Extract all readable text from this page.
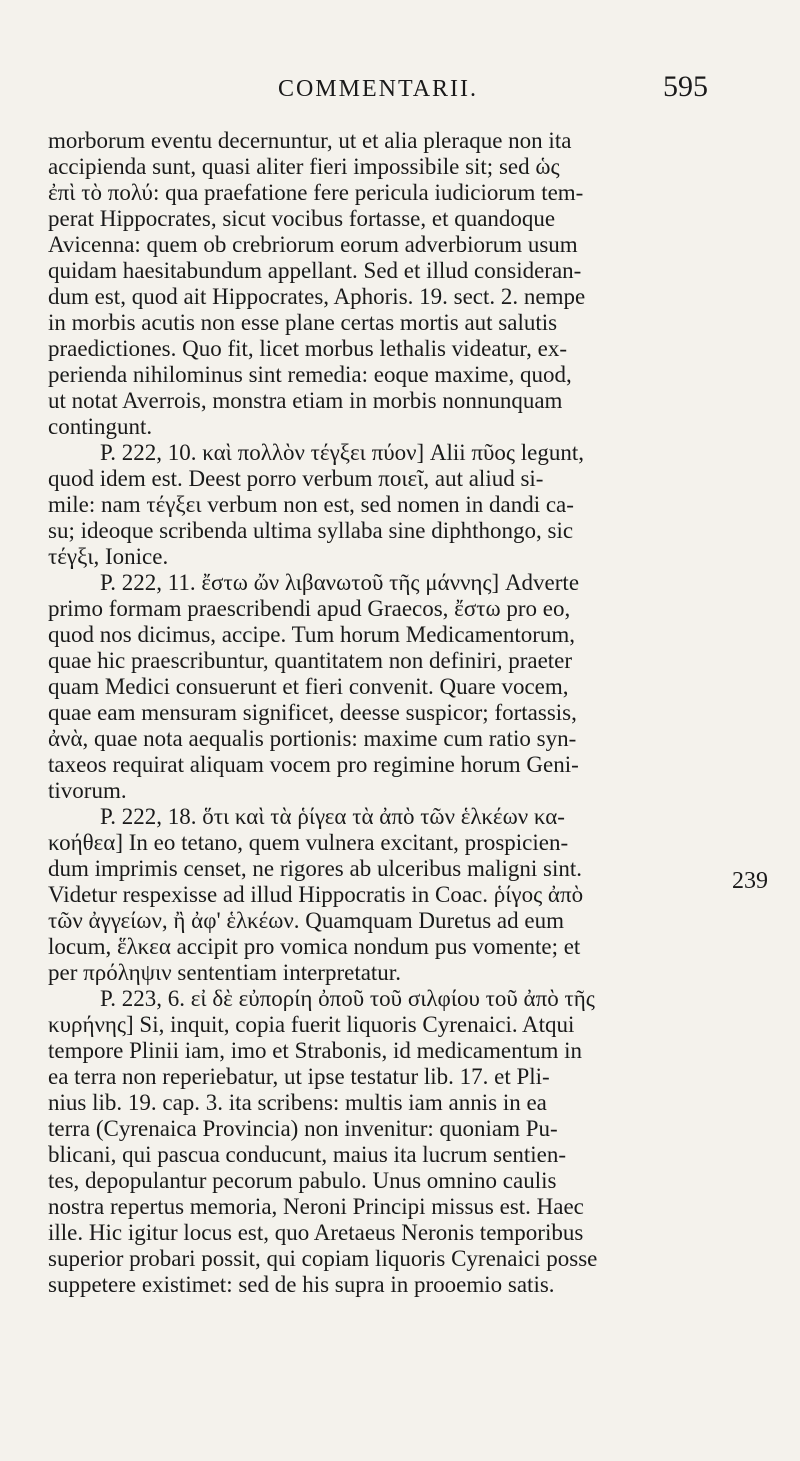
COMMENTARII.	595
morborum eventu decernuntur, ut et alia pleraque non ita
accipienda sunt, quasi aliter fieri impossibile sit; sed ὡς
ἐπὶ τὸ πολύ: qua praefatione fere pericula iudiciorum tem-
perat Hippocrates, sicut vocibus fortasse, et quandoque
Avicenna: quem ob crebriorum eorum adverbiorum usum
quidam haesitabundum appellant. Sed et illud consideran-
dum est, quod ait Hippocrates, Aphoris. 19. sect. 2. nempe
in morbis acutis non esse plane certas mortis aut salutis
praedictiones. Quo fit, licet morbus lethalis videatur, ex-
perienda nihilominus sint remedia: eoque maxime, quod,
ut notat Averrois, monstra etiam in morbis nonnunquam
contingunt.
P. 222, 10. καὶ πολλὸν τέγξει πύον] Alii πῦος legunt,
quod idem est. Deest porro verbum ποιεῖ, aut aliud si-
mile: nam τέγξει verbum non est, sed nomen in dandi ca-
su; ideoque scribenda ultima syllaba sine diphthongo, sic
τέγξι, Ionice.
P. 222, 11. ἔστω ὤν λιβανωτοῦ τῆς μάννης] Adverte
primo formam praescribendi apud Graecos, ἔστω pro eo,
quod nos dicimus, accipe. Tum horum Medicamentorum,
quae hic praescribuntur, quantitatem non definiri, praeter
quam Medici consuerunt et fieri convenit. Quare vocem,
quae eam mensuram significet, deesse suspicor; fortassis,
ἀνὰ, quae nota aequalis portionis: maxime cum ratio syn-
taxeos requirat aliquam vocem pro regimine horum Geni-
tivorum.
P. 222, 18. ὅτι καὶ τὰ ῥίγεα τὰ ἀπὸ τῶν ἑλκέων κα-
κοήθεα] In eo tetano, quem vulnera excitant, prospicien-
dum imprimis censet, ne rigores ab ulceribus maligni sint.
Videtur respexisse ad illud Hippocratis in Coac. ῥίγος ἀπὸ
τῶν ἀγγείων, ἢ ἀφ' ἑλκέων. Quamquam Duretus ad eum
locum, ἕλκεα accipit pro vomica nondum pus vomente; et
per πρόληψιν sententiam interpretatur.
P. 223, 6. εἰ δὲ εὐπορίη ὀποῦ τοῦ σιλφίου τοῦ ἀπὸ τῆς
κυρήνης] Si, inquit, copia fuerit liquoris Cyrenaici. Atqui
tempore Plinii iam, imo et Strabonis, id medicamentum in
ea terra non reperiebatur, ut ipse testatur lib. 17. et Pli-
nius lib. 19. cap. 3. ita scribens: multis iam annis in ea
terra (Cyrenaica Provincia) non invenitur: quoniam Pu-
blicani, qui pascua conducunt, maius ita lucrum sentien-
tes, depopulantur pecorum pabulo. Unus omnino caulis
nostra repertus memoria, Neroni Principi missus est. Haec
ille. Hic igitur locus est, quo Aretaeus Neronis temporibus
superior probari possit, qui copiam liquoris Cyrenaici posse
suppetere existimet: sed de his supra in prooemio satis.
239
